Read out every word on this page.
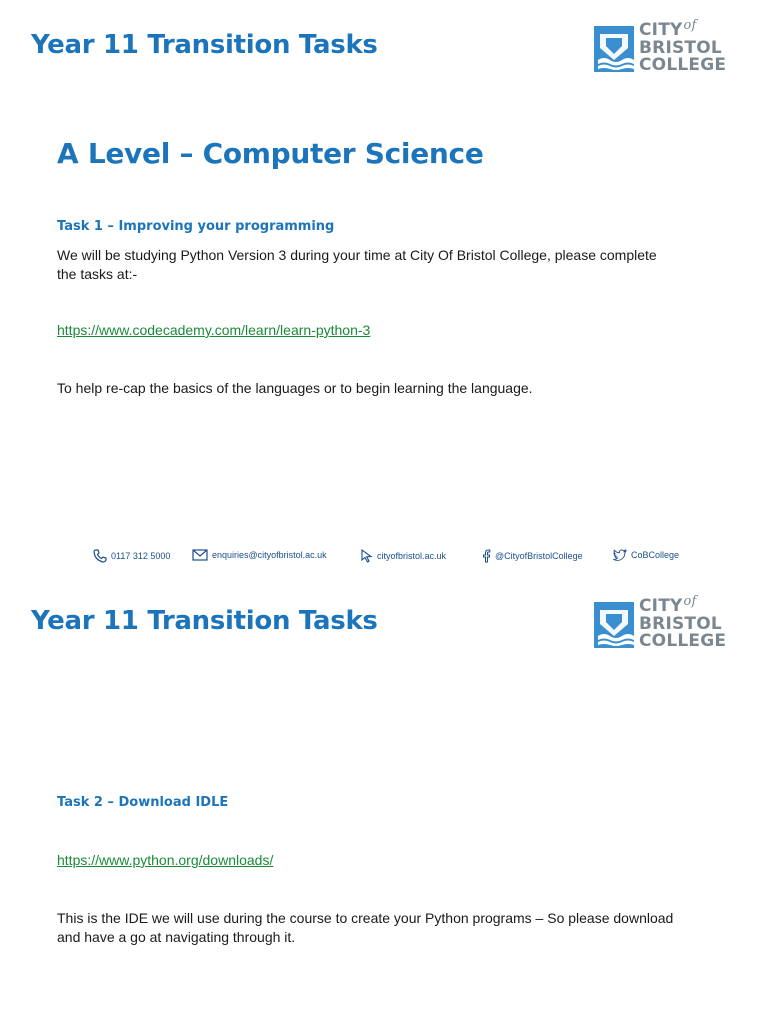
Year 11 Transition Tasks	$CITY^{of}$
BRISTOL
COLLEGE
A Level – Computer Science
Task 1 – Improving your programming

We will be studying Python Version 3 during your time at City Of Bristol College, please complete the tasks at:-

https://www.codecademy.com/learn/learn-python-3

To help re-cap the basics of the languages or to begin learning the language.

0117 312 5000	enquiries@cityofbristol.ac.uk	cityofbristol.ac.uk	@CityofBristolCollege	CoBCollege
Year 11 Transition Tasks	$CITY^{of}$
BRISTOL
COLLEGE
Task 2 – Download IDLE
https://www.python.org/downloads/

This is the IDE we will use during the course to create your Python programs – So please download and have a go at navigating through it.
